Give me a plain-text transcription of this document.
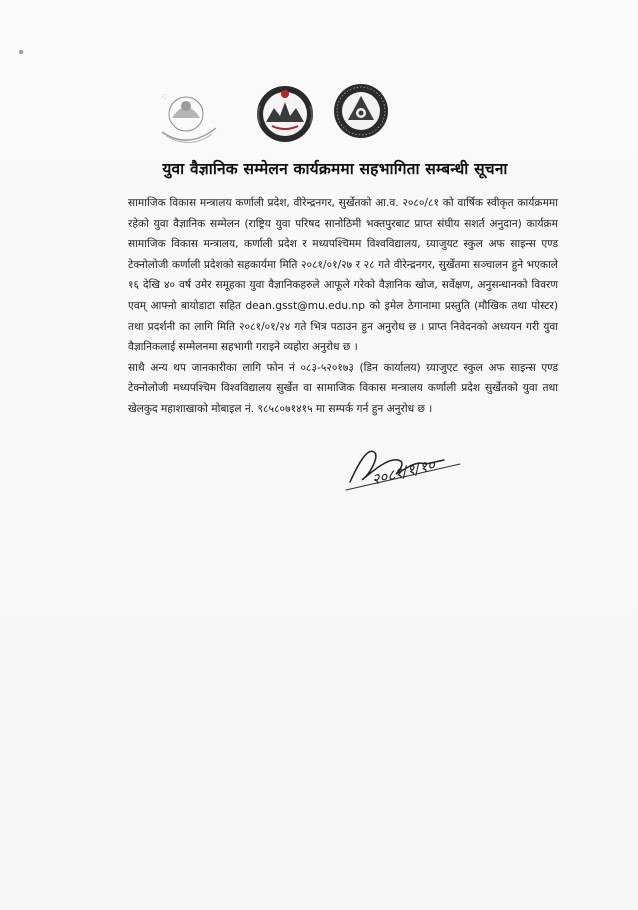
◌
युवा वैज्ञानिक सम्मेलन कार्यक्रममा सहभागिता सम्बन्धी सूचना

सामाजिक विकास मन्त्रालय कर्णाली प्रदेश, वीरेन्द्रनगर, सुर्खेतको आ.व. २०८०/८१ को वार्षिक स्वीकृत कार्यक्रममा रहेको युवा वैज्ञानिक सम्मेलन (राष्ट्रिय युवा परिषद सानोठिमी भक्तपुरबाट प्राप्त संघीय सशर्त अनुदान) कार्यक्रम सामाजिक विकास मन्त्रालय, कर्णाली प्रदेश र मध्यपश्चिमम विश्वविद्यालय, ग्र्याजुयट स्कुल अफ साइन्स एण्ड टेक्नोलोजी कर्णाली प्रदेशको सहकार्यमा मिति २०८१/०१/२७ र २८ गते वीरेन्द्रनगर, सुर्खेतमा सञ्चालन हुने भएकाले १६ देखि ४० वर्ष उमेर समूहका युवा वैज्ञानिकहरुले आफूले गरेको वैज्ञानिक खोज, सर्वेक्षण, अनुसन्धानको विवरण एवम् आफ्नो बायोडाटा सहित dean.gsst@mu.edu.np को इमेल ठेगानामा प्रस्तुति (मौखिक तथा पोस्टर) तथा प्रदर्शनी का लागि मिति २०८१/०१/२४ गते भित्र पठाउन हुन अनुरोध छ । प्राप्त निवेदनको अध्ययन गरी युवा वैज्ञानिकलाई सम्मेलनमा सहभागी गराइने व्यहोरा अनुरोध छ ।

साथै अन्य थप जानकारीका लागि फोन नं ०८३-५२०१७३ (डिन कार्यालय) ग्र्याजुएट स्कुल अफ साइन्स एण्ड टेक्नोलोजी मध्यपश्चिम विश्वविद्यालय सुर्खेत वा सामाजिक विकास मन्त्रालय कर्णाली प्रदेश सुर्खेतको युवा तथा खेलकुद महाशाखाको मोबाइल नं. ९८५८०७१४१५ मा सम्पर्क गर्न हुन अनुरोध छ ।

२०८१/१/१०
